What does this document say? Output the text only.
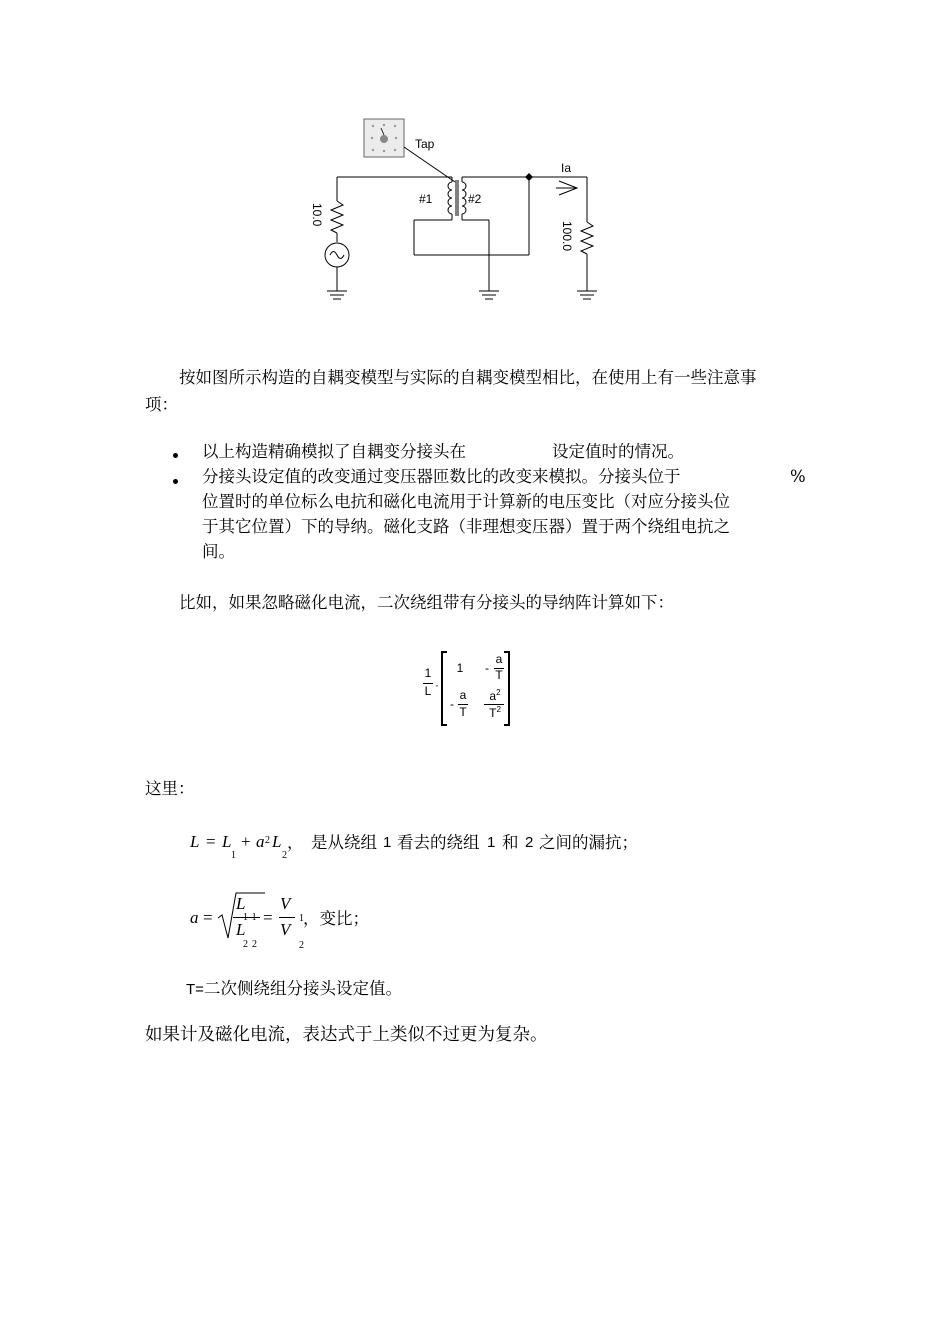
Tap
#1	#2
Ia
10.0
100.0
按如图所示构造的自耦变模型与实际的自耦变模型相比，在使用上有一些注意事
项：
以上构造精确模拟了自耦变分接头在	设定值时的情况。
分接头设定值的改变通过变压器匝数比的改变来模拟。分接头位于	%
位置时的单位标么电抗和磁化电流用于计算新的电压变比（对应分接头位
于其它位置）下的导纳。磁化支路（非理想变压器）置于两个绕组电抗之
间。
比如，如果忽略磁化电流，二次绕组带有分接头的导纳阵计算如下：
1
L ·
1 -
a
T
-
a
T
$a^2$
$T^2$
这里：
L = L
1
+ a 2 L
2
， 是从绕组 1 看去的绕组 1 和 2 之间的漏抗；
a =
L
11
L
22
=
V
1
V
2
，变比；
T=二次侧绕组分接头设定值。
如果计及磁化电流，表达式于上类似不过更为复杂。
